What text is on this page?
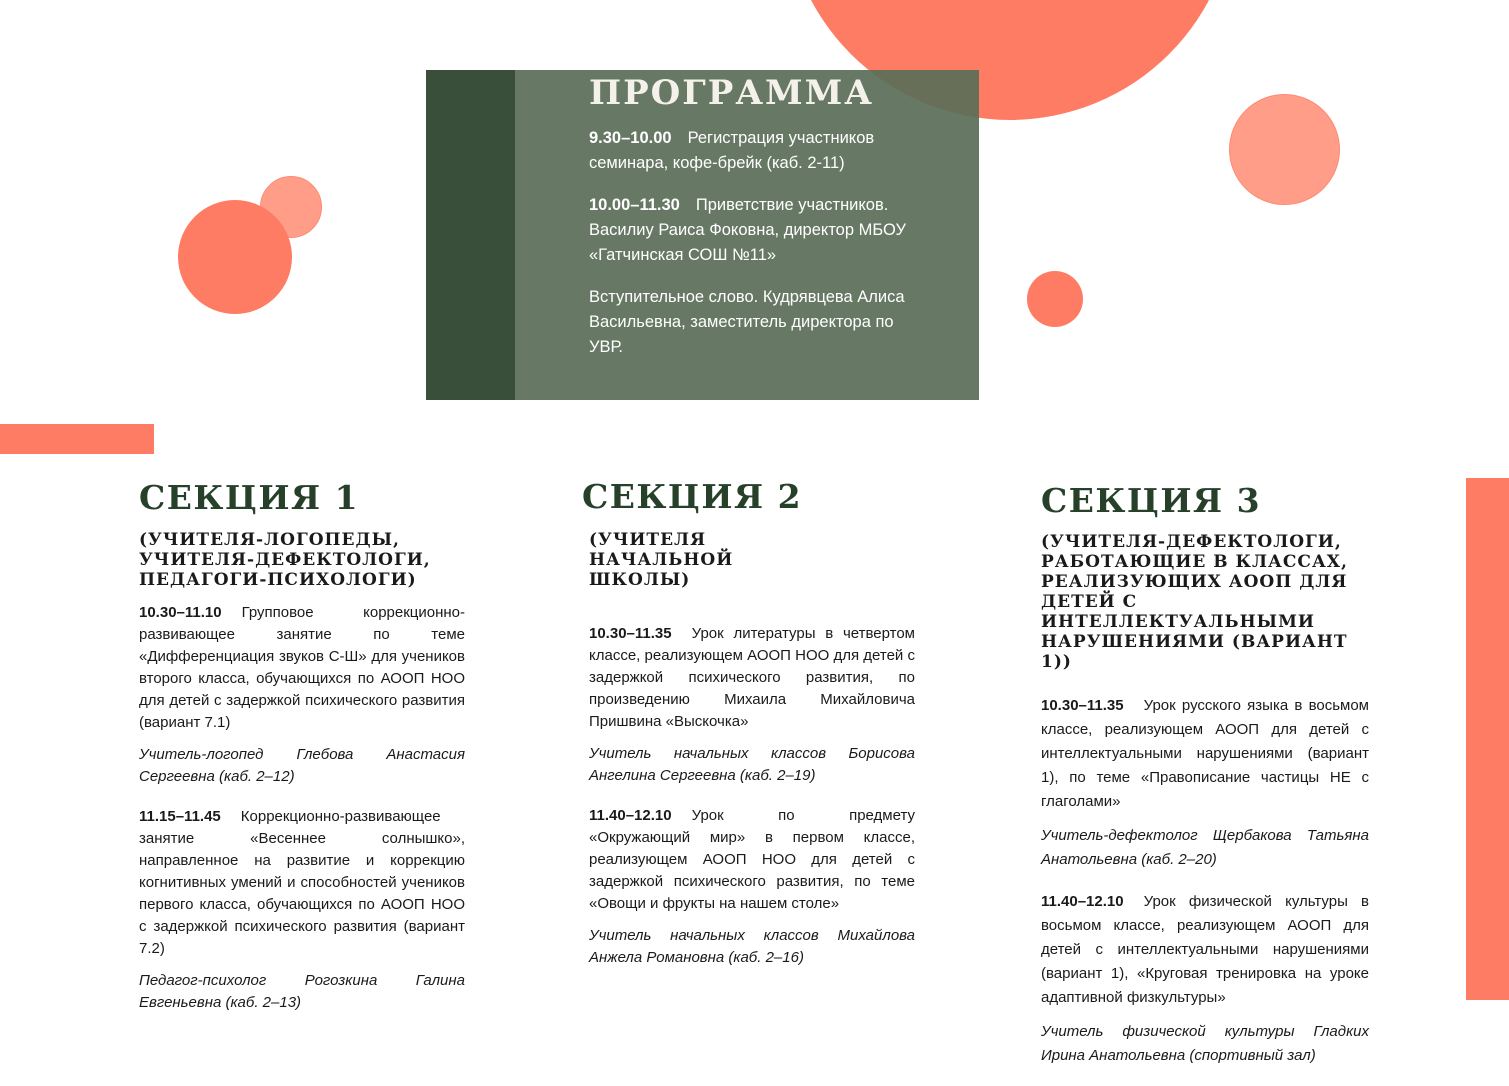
ПРОГРАММА
9.30–10.00 Регистрация участников семинара, кофе-брейк (каб. 2-11)
10.00–11.30 Приветствие участников. Василиу Раиса Фоковна, директор МБОУ «Гатчинская СОШ №11»
Вступительное слово. Кудрявцева Алиса Васильевна, заместитель директора по УВР.
СЕКЦИЯ 1
(УЧИТЕЛЯ-ЛОГОПЕДЫ, УЧИТЕЛЯ-ДЕФЕКТОЛОГИ, ПЕДАГОГИ-ПСИХОЛОГИ)
10.30–11.10 Групповое коррекционно-развивающее занятие по теме «Дифференциация звуков С-Ш» для учеников второго класса, обучающихся по АООП НОО для детей с задержкой психического развития (вариант 7.1)
Учитель-логопед Глебова Анастасия Сергеевна (каб. 2–12)
11.15–11.45 Коррекционно-развивающее занятие «Весеннее солнышко», направленное на развитие и коррекцию когнитивных умений и способностей учеников первого класса, обучающихся по АООП НОО с задержкой психического развития (вариант 7.2)
Педагог-психолог Рогозкина Галина Евгеньевна (каб. 2–13)
СЕКЦИЯ 2
(УЧИТЕЛЯ НАЧАЛЬНОЙ ШКОЛЫ)
10.30–11.35 Урок литературы в четвертом классе, реализующем АООП НОО для детей с задержкой психического развития, по произведению Михаила Михайловича Пришвина «Выскочка»
Учитель начальных классов Борисова Ангелина Сергеевна (каб. 2–19)
11.40–12.10 Урок по предмету «Окружающий мир» в первом классе, реализующем АООП НОО для детей с задержкой психического развития, по теме «Овощи и фрукты на нашем столе»
Учитель начальных классов Михайлова Анжела Романовна (каб. 2–16)
СЕКЦИЯ 3
(УЧИТЕЛЯ-ДЕФЕКТОЛОГИ, РАБОТАЮЩИЕ В КЛАССАХ, РЕАЛИЗУЮЩИХ АООП ДЛЯ ДЕТЕЙ С ИНТЕЛЛЕКТУАЛЬНЫМИ НАРУШЕНИЯМИ (ВАРИАНТ 1))
10.30–11.35 Урок русского языка в восьмом классе, реализующем АООП для детей с интеллектуальными нарушениями (вариант 1), по теме «Правописание частицы НЕ с глаголами»
Учитель-дефектолог Щербакова Татьяна Анатольевна (каб. 2–20)
11.40–12.10 Урок физической культуры в восьмом классе, реализующем АООП для детей с интеллектуальными нарушениями (вариант 1), «Круговая тренировка на уроке адаптивной физкультуры»
Учитель физической культуры Гладких Ирина Анатольевна (спортивный зал)
